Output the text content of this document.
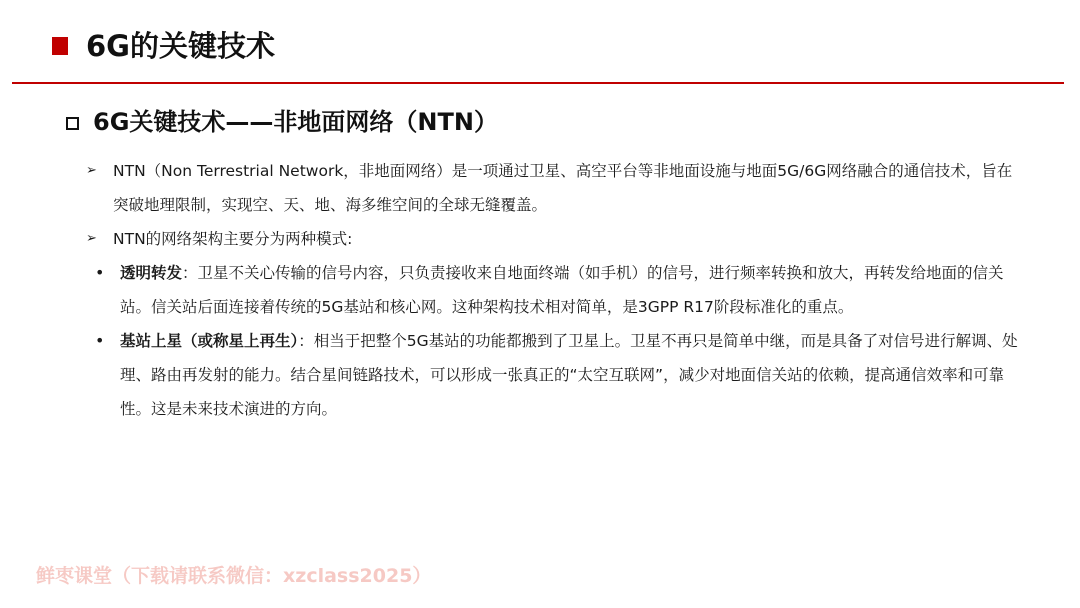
6G的关键技术
6G关键技术——非地面网络（NTN）
➢ NTN（Non Terrestrial Network，非地面网络）是一项通过卫星、高空平台等非地面设施与地面5G/6G网络融合的通信技术，旨在突破地理限制，实现空、天、地、海多维空间的全球无缝覆盖。
➢ NTN的网络架构主要分为两种模式:
• 透明转发：卫星不关心传输的信号内容，只负责接收来自地面终端（如手机）的信号，进行频率转换和放大，再转发给地面的信关站。信关站后面连接着传统的5G基站和核心网。这种架构技术相对简单，是3GPP R17阶段标准化的重点。
• 基站上星（或称星上再生）：相当于把整个5G基站的功能都搬到了卫星上。卫星不再只是简单中继，而是具备了对信号进行解调、处理、路由再发射的能力。结合星间链路技术，可以形成一张真正的“太空互联网”，减少对地面信关站的依赖，提高通信效率和可靠性。这是未来技术演进的方向。
鲜枣课堂（下载请联系微信：xzclass2025）
